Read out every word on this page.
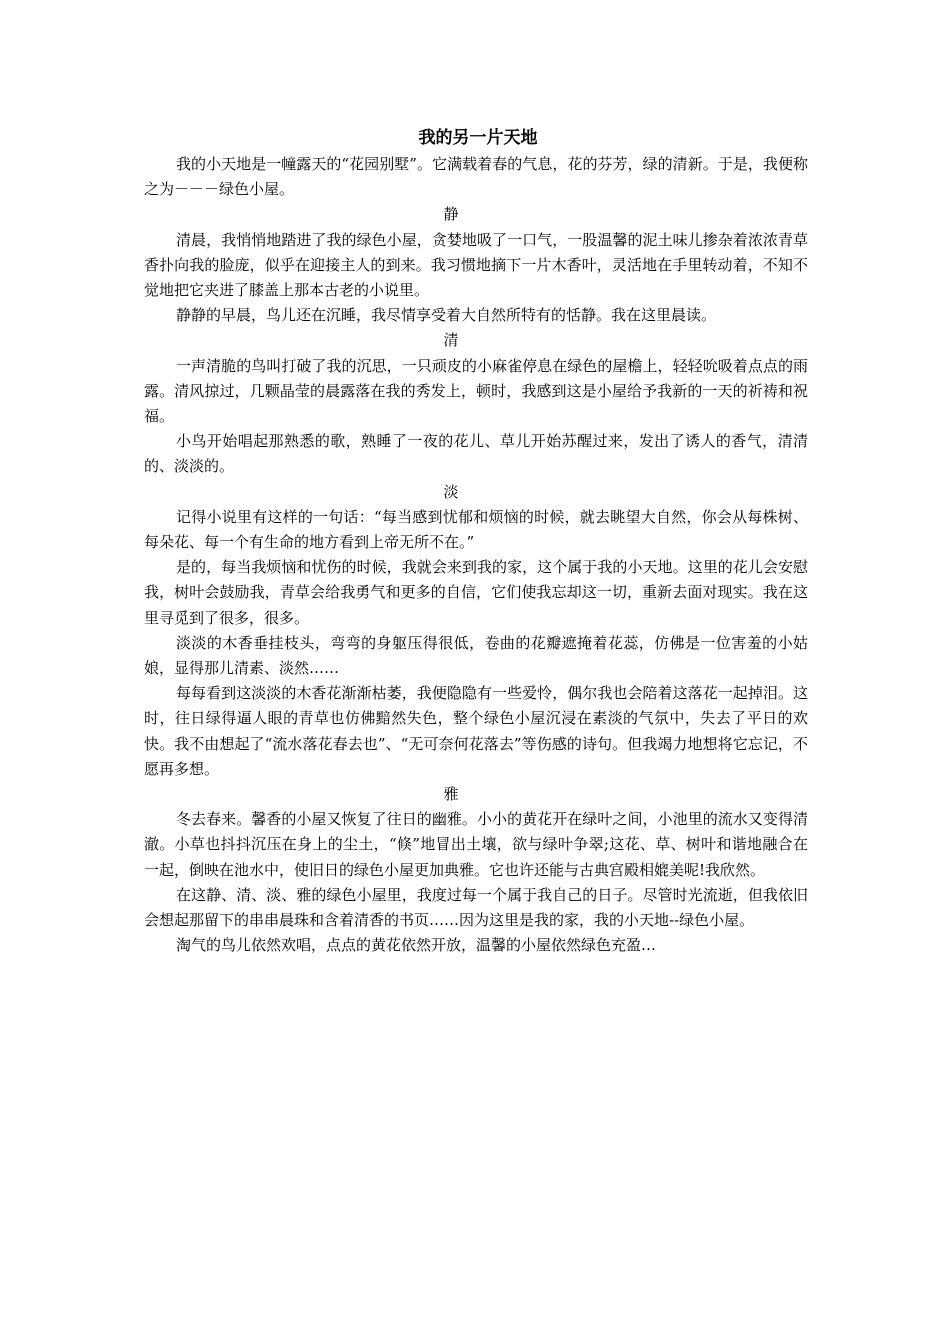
我的另一片天地

我的小天地是一幢露天的“花园别墅”。它满载着春的气息，花的芬芳，绿的清新。于是，我便称之为－－－绿色小屋。

静

清晨，我悄悄地踏进了我的绿色小屋，贪婪地吸了一口气，一股温馨的泥土味儿掺杂着浓浓青草香扑向我的脸庞，似乎在迎接主人的到来。我习惯地摘下一片木香叶，灵活地在手里转动着，不知不觉地把它夹进了膝盖上那本古老的小说里。

静静的早晨，鸟儿还在沉睡，我尽情享受着大自然所特有的恬静。我在这里晨读。

清

一声清脆的鸟叫打破了我的沉思，一只顽皮的小麻雀停息在绿色的屋檐上，轻轻吮吸着点点的雨露。清风掠过，几颗晶莹的晨露落在我的秀发上，顿时，我感到这是小屋给予我新的一天的祈祷和祝福。

小鸟开始唱起那熟悉的歌，熟睡了一夜的花儿、草儿开始苏醒过来，发出了诱人的香气，清清的、淡淡的。

淡

记得小说里有这样的一句话：“每当感到忧郁和烦恼的时候，就去眺望大自然，你会从每株树、每朵花、每一个有生命的地方看到上帝无所不在。”

是的，每当我烦恼和忧伤的时候，我就会来到我的家，这个属于我的小天地。这里的花儿会安慰我，树叶会鼓励我，青草会给我勇气和更多的自信，它们使我忘却这一切，重新去面对现实。我在这里寻觅到了很多，很多。

淡淡的木香垂挂枝头，弯弯的身躯压得很低，卷曲的花瓣遮掩着花蕊，仿佛是一位害羞的小姑娘，显得那儿清素、淡然……

每每看到这淡淡的木香花渐渐枯萎，我便隐隐有一些爱怜，偶尔我也会陪着这落花一起掉泪。这时，往日绿得逼人眼的青草也仿佛黯然失色，整个绿色小屋沉浸在素淡的气氛中，失去了平日的欢快。我不由想起了“流水落花春去也”、“无可奈何花落去”等伤感的诗句。但我竭力地想将它忘记，不愿再多想。

雅

冬去春来。馨香的小屋又恢复了往日的幽雅。小小的黄花开在绿叶之间，小池里的流水又变得清澈。小草也抖抖沉压在身上的尘土，“倏”地冒出土壤，欲与绿叶争翠;这花、草、树叶和谐地融合在一起，倒映在池水中，使旧日的绿色小屋更加典雅。它也许还能与古典宫殿相媲美呢!我欣然。

在这静、清、淡、雅的绿色小屋里，我度过每一个属于我自己的日子。尽管时光流逝，但我依旧会想起那留下的串串晨珠和含着清香的书页……因为这里是我的家，我的小天地--绿色小屋。

淘气的鸟儿依然欢唱，点点的黄花依然开放，温馨的小屋依然绿色充盈…
